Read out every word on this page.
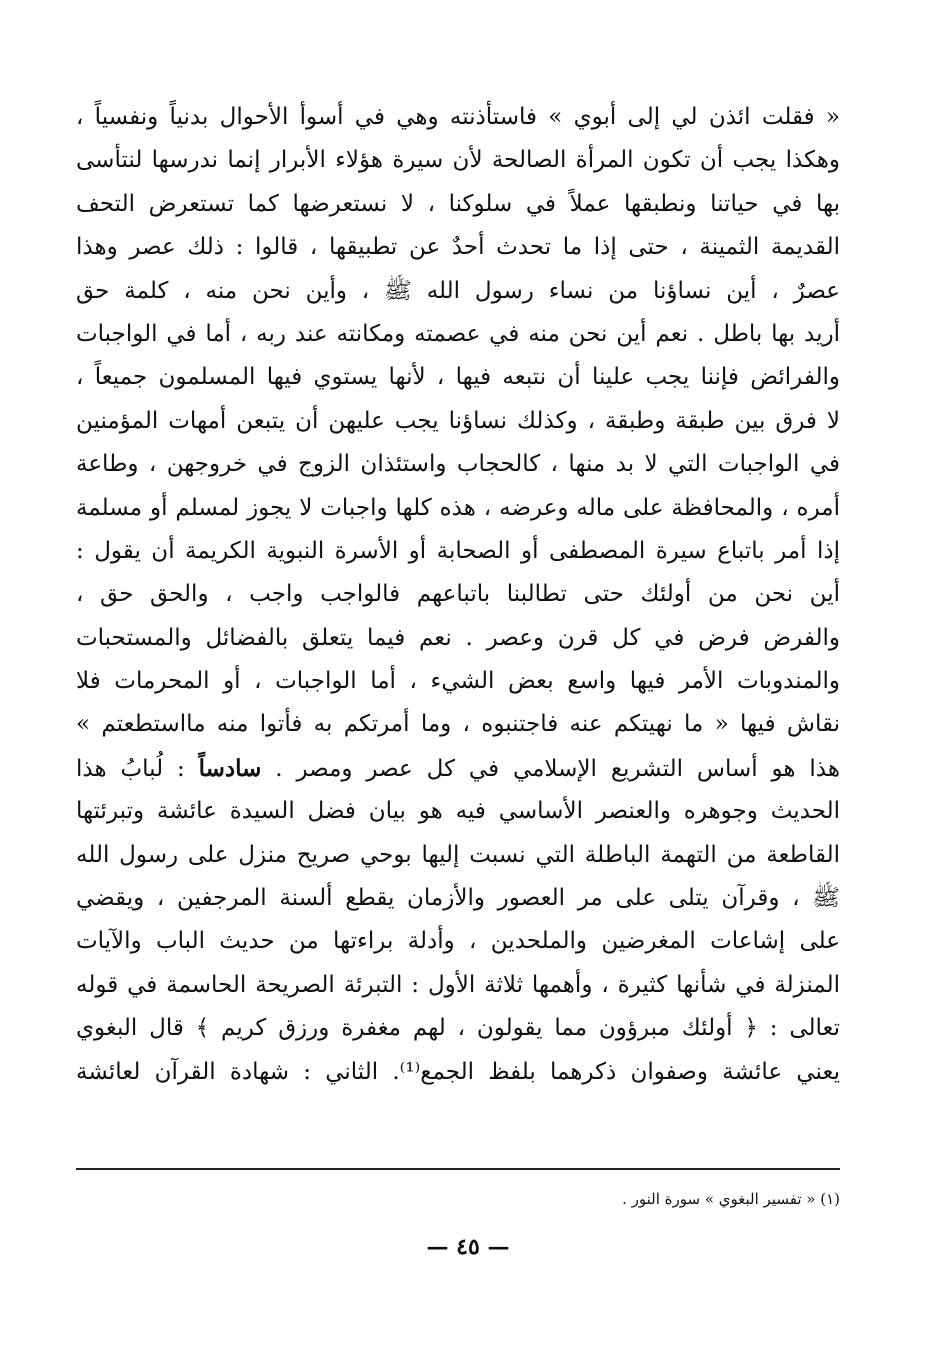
« فقلت ائذن لي إلى أبوي » فاستأذنته وهي في أسوأ الأحوال بدنياً ونفسياً ،
وهكذا يجب أن تكون المرأة الصالحة لأن سيرة هؤلاء الأبرار إنما ندرسها لنتأسى
بها في حياتنا ونطبقها عملاً في سلوكنا ، لا نستعرضها كما تستعرض التحف
القديمة الثمينة ، حتى إذا ما تحدث أحدٌ عن تطبيقها ، قالوا : ذلك عصر وهذا
عصرٌ ، أين نساؤنا من نساء رسول الله ﷺ ، وأين نحن منه ، كلمة حق
أريد بها باطل . نعم أين نحن منه في عصمته ومكانته عند ربه ، أما في الواجبات
والفرائض فإننا يجب علينا أن نتبعه فيها ، لأنها يستوي فيها المسلمون جميعاً ،
لا فرق بين طبقة وطبقة ، وكذلك نساؤنا يجب عليهن أن يتبعن أمهات المؤمنين
في الواجبات التي لا بد منها ، كالحجاب واستئذان الزوج في خروجهن ، وطاعة
أمره ، والمحافظة على ماله وعرضه ، هذه كلها واجبات لا يجوز لمسلم أو مسلمة
إذا أمر باتباع سيرة المصطفى أو الصحابة أو الأسرة النبوية الكريمة أن يقول :
أين نحن من أولئك حتى تطالبنا باتباعهم فالواجب واجب ، والحق حق ،
والفرض فرض في كل قرن وعصر . نعم فيما يتعلق بالفضائل والمستحبات
والمندوبات الأمر فيها واسع بعض الشيء ، أما الواجبات ، أو المحرمات فلا
نقاش فيها « ما نهيتكم عنه فاجتنبوه ، وما أمرتكم به فأتوا منه مااستطعتم »
هذا هو أساس التشريع الإسلامي في كل عصر ومصر . سادساً : لُبابُ هذا
الحديث وجوهره والعنصر الأساسي فيه هو بيان فضل السيدة عائشة وتبرئتها
القاطعة من التهمة الباطلة التي نسبت إليها بوحي صريح منزل على رسول الله
ﷺ ، وقرآن يتلى على مر العصور والأزمان يقطع ألسنة المرجفين ، ويقضي
على إشاعات المغرضين والملحدين ، وأدلة براءتها من حديث الباب والآيات
المنزلة في شأنها كثيرة ، وأهمها ثلاثة الأول : التبرئة الصريحة الحاسمة في قوله
تعالى : ﴿ أولئك مبرؤون مما يقولون ، لهم مغفرة ورزق كريم ﴾ قال البغوي
يعني عائشة وصفوان ذكرهما بلفظ الجمع⁽¹⁾. الثاني : شهادة القرآن لعائشة
(١) « تفسير البغوي » سورة النور .
— ٤٥ —
